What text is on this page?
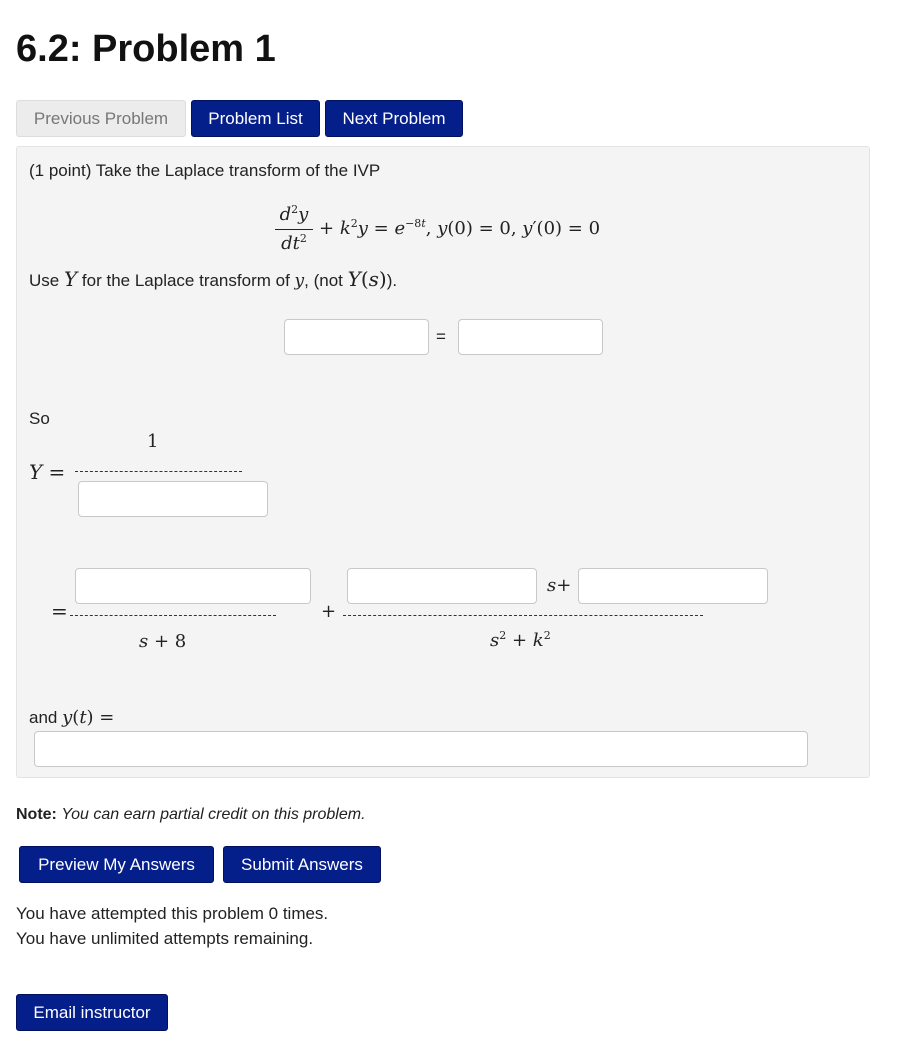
6.2: Problem 1
Previous Problem	Problem List	Next Problem
(1 point) Take the Laplace transform of the IVP
$d^2y$
$dt^2 + k^2y = e^{-8t}$, y(0) = 0, y′(0) = 0
Use Y for the Laplace transform of y, (not Y(s)).
=
So
1
Y =
=
s + 8
+
s+
$s^2 + k^2$
and y(t) =
Note: You can earn partial credit on this problem.
Preview My Answers	Submit Answers
You have attempted this problem 0 times.
You have unlimited attempts remaining.
Email instructor
